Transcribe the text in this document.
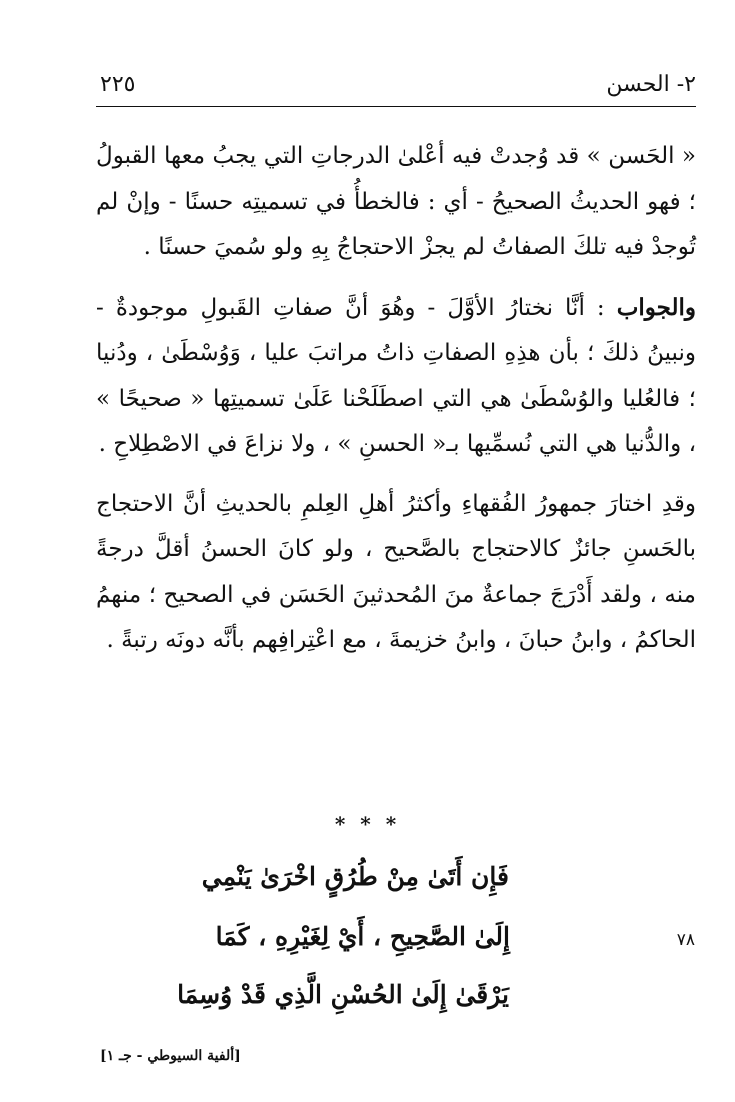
٢- الحسن
٢٢٥

« الحَسن » قد وُجدتْ فيه أعْلىٰ الدرجاتِ التي يجبُ معها القبولُ ؛ فهو الحديثُ الصحيحُ - أي : فالخطأُ في تسميتِه حسنًا - وإنْ لم تُوجدْ فيه تلكَ الصفاتُ لم يجزْ الاحتجاجُ بِهِ ولو سُميَ حسنًا .

والجواب : أنَّا نختارُ الأوَّلَ - وهُوَ أنَّ صفاتِ القَبولِ موجودةٌ - ونبينُ ذلكَ ؛ بأن هذِهِ الصفاتِ ذاتُ مراتبَ عليا ، وَوُسْطَىٰ ، ودُنيا ؛ فالعُليا والوُسْطَىٰ هي التي اصطَلَحْنا عَلَىٰ تسميتِها « صحيحًا » ، والدُّنيا هي التي نُسمِّيها بـ« الحسنِ » ، ولا نزاعَ في الاصْطِلاحِ .

وقدِ اختارَ جمهورُ الفُقهاءِ وأكثرُ أهلِ العِلمِ بالحديثِ أنَّ الاحتجاج بالحَسنِ جائزٌ كالاحتجاج بالصَّحيح ، ولو كانَ الحسنُ أقلَّ درجةً منه ، ولقد أَدْرَجَ جماعةٌ منَ المُحدثينَ الحَسَن في الصحيح ؛ منهمُ الحاكمُ ، وابنُ حبانَ ، وابنُ خزيمةَ ، مع اعْتِرافِهم بأنَّه دونَه رتبةً .

* * *
فَإِن أَتَىٰ مِنْ طُرُقٍ اخْرَىٰ يَنْمِي
إِلَىٰ الصَّحِيحِ ، أَيْ لِغَيْرِهِ ، كَمَا
يَرْقَىٰ إِلَىٰ الحُسْنِ الَّذِي قَدْ وُسِمَا
٧٨
[ألفية السيوطي - جـ ١]
